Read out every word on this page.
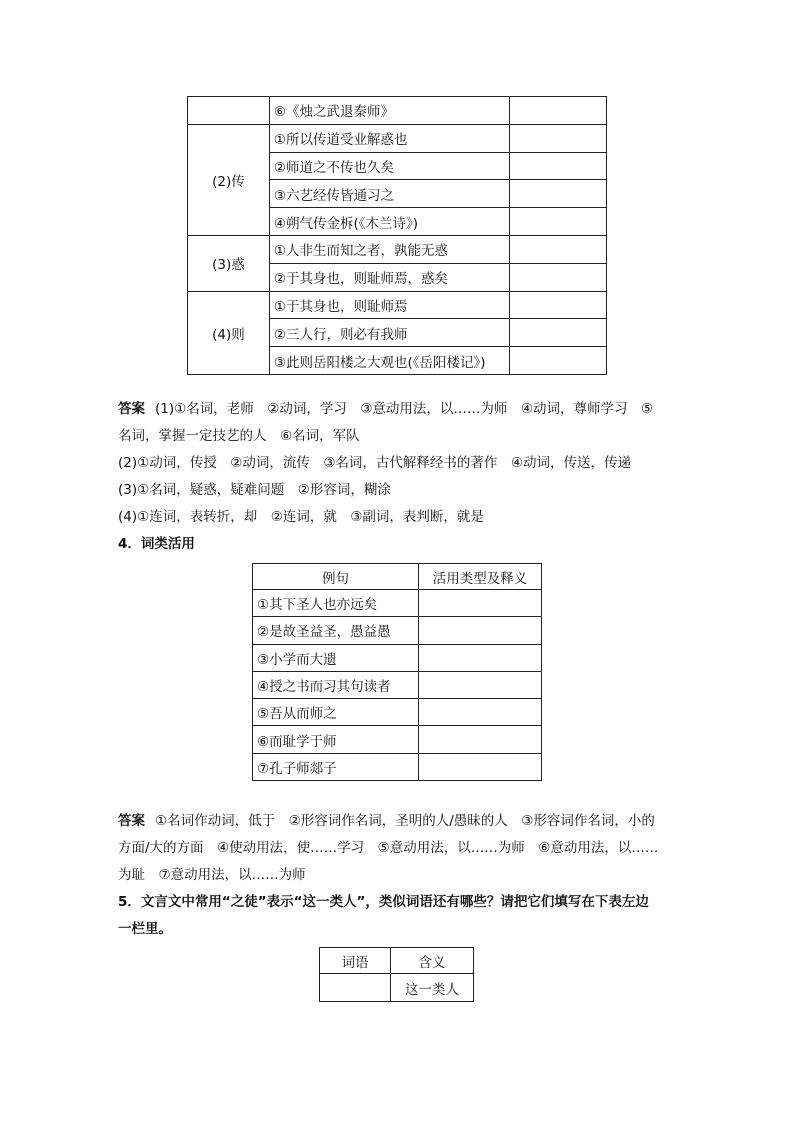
	⑥《烛之武退秦师》	
(2)传	①所以传道受业解惑也	
	②师道之不传也久矣	
	③六艺经传皆通习之	
	④朔气传金柝(《木兰诗》)	
(3)惑	①人非生而知之者，孰能无惑	
	②于其身也，则耻师焉，惑矣	
(4)则	①于其身也，则耻师焉	
	②三人行，则必有我师	
	③此则岳阳楼之大观也(《岳阳楼记》)	
答案 (1)①名词，老师　②动词，学习　③意动用法，以……为师　④动词，尊师学习　⑤
名词，掌握一定技艺的人　⑥名词，军队
(2)①动词，传授　②动词，流传　③名词，古代解释经书的著作　④动词，传送，传递
(3)①名词，疑惑，疑难问题　②形容词，糊涂
(4)①连词，表转折，却　②连词，就　③副词，表判断，就是
4．词类活用
例句	活用类型及释义
①其下圣人也亦远矣	
②是故圣益圣，愚益愚	
③小学而大遗	
④授之书而习其句读者	
⑤吾从而师之	
⑥而耻学于师	
⑦孔子师郯子	
答案 ①名词作动词，低于　②形容词作名词，圣明的人/愚昧的人　③形容词作名词，小的
方面/大的方面　④使动用法，使……学习　⑤意动用法，以……为师　⑥意动用法，以……
为耻　⑦意动用法，以……为师
5．文言文中常用“之徒”表示“这一类人”，类似词语还有哪些？请把它们填写在下表左边
一栏里。
词语	含义
	这一类人
